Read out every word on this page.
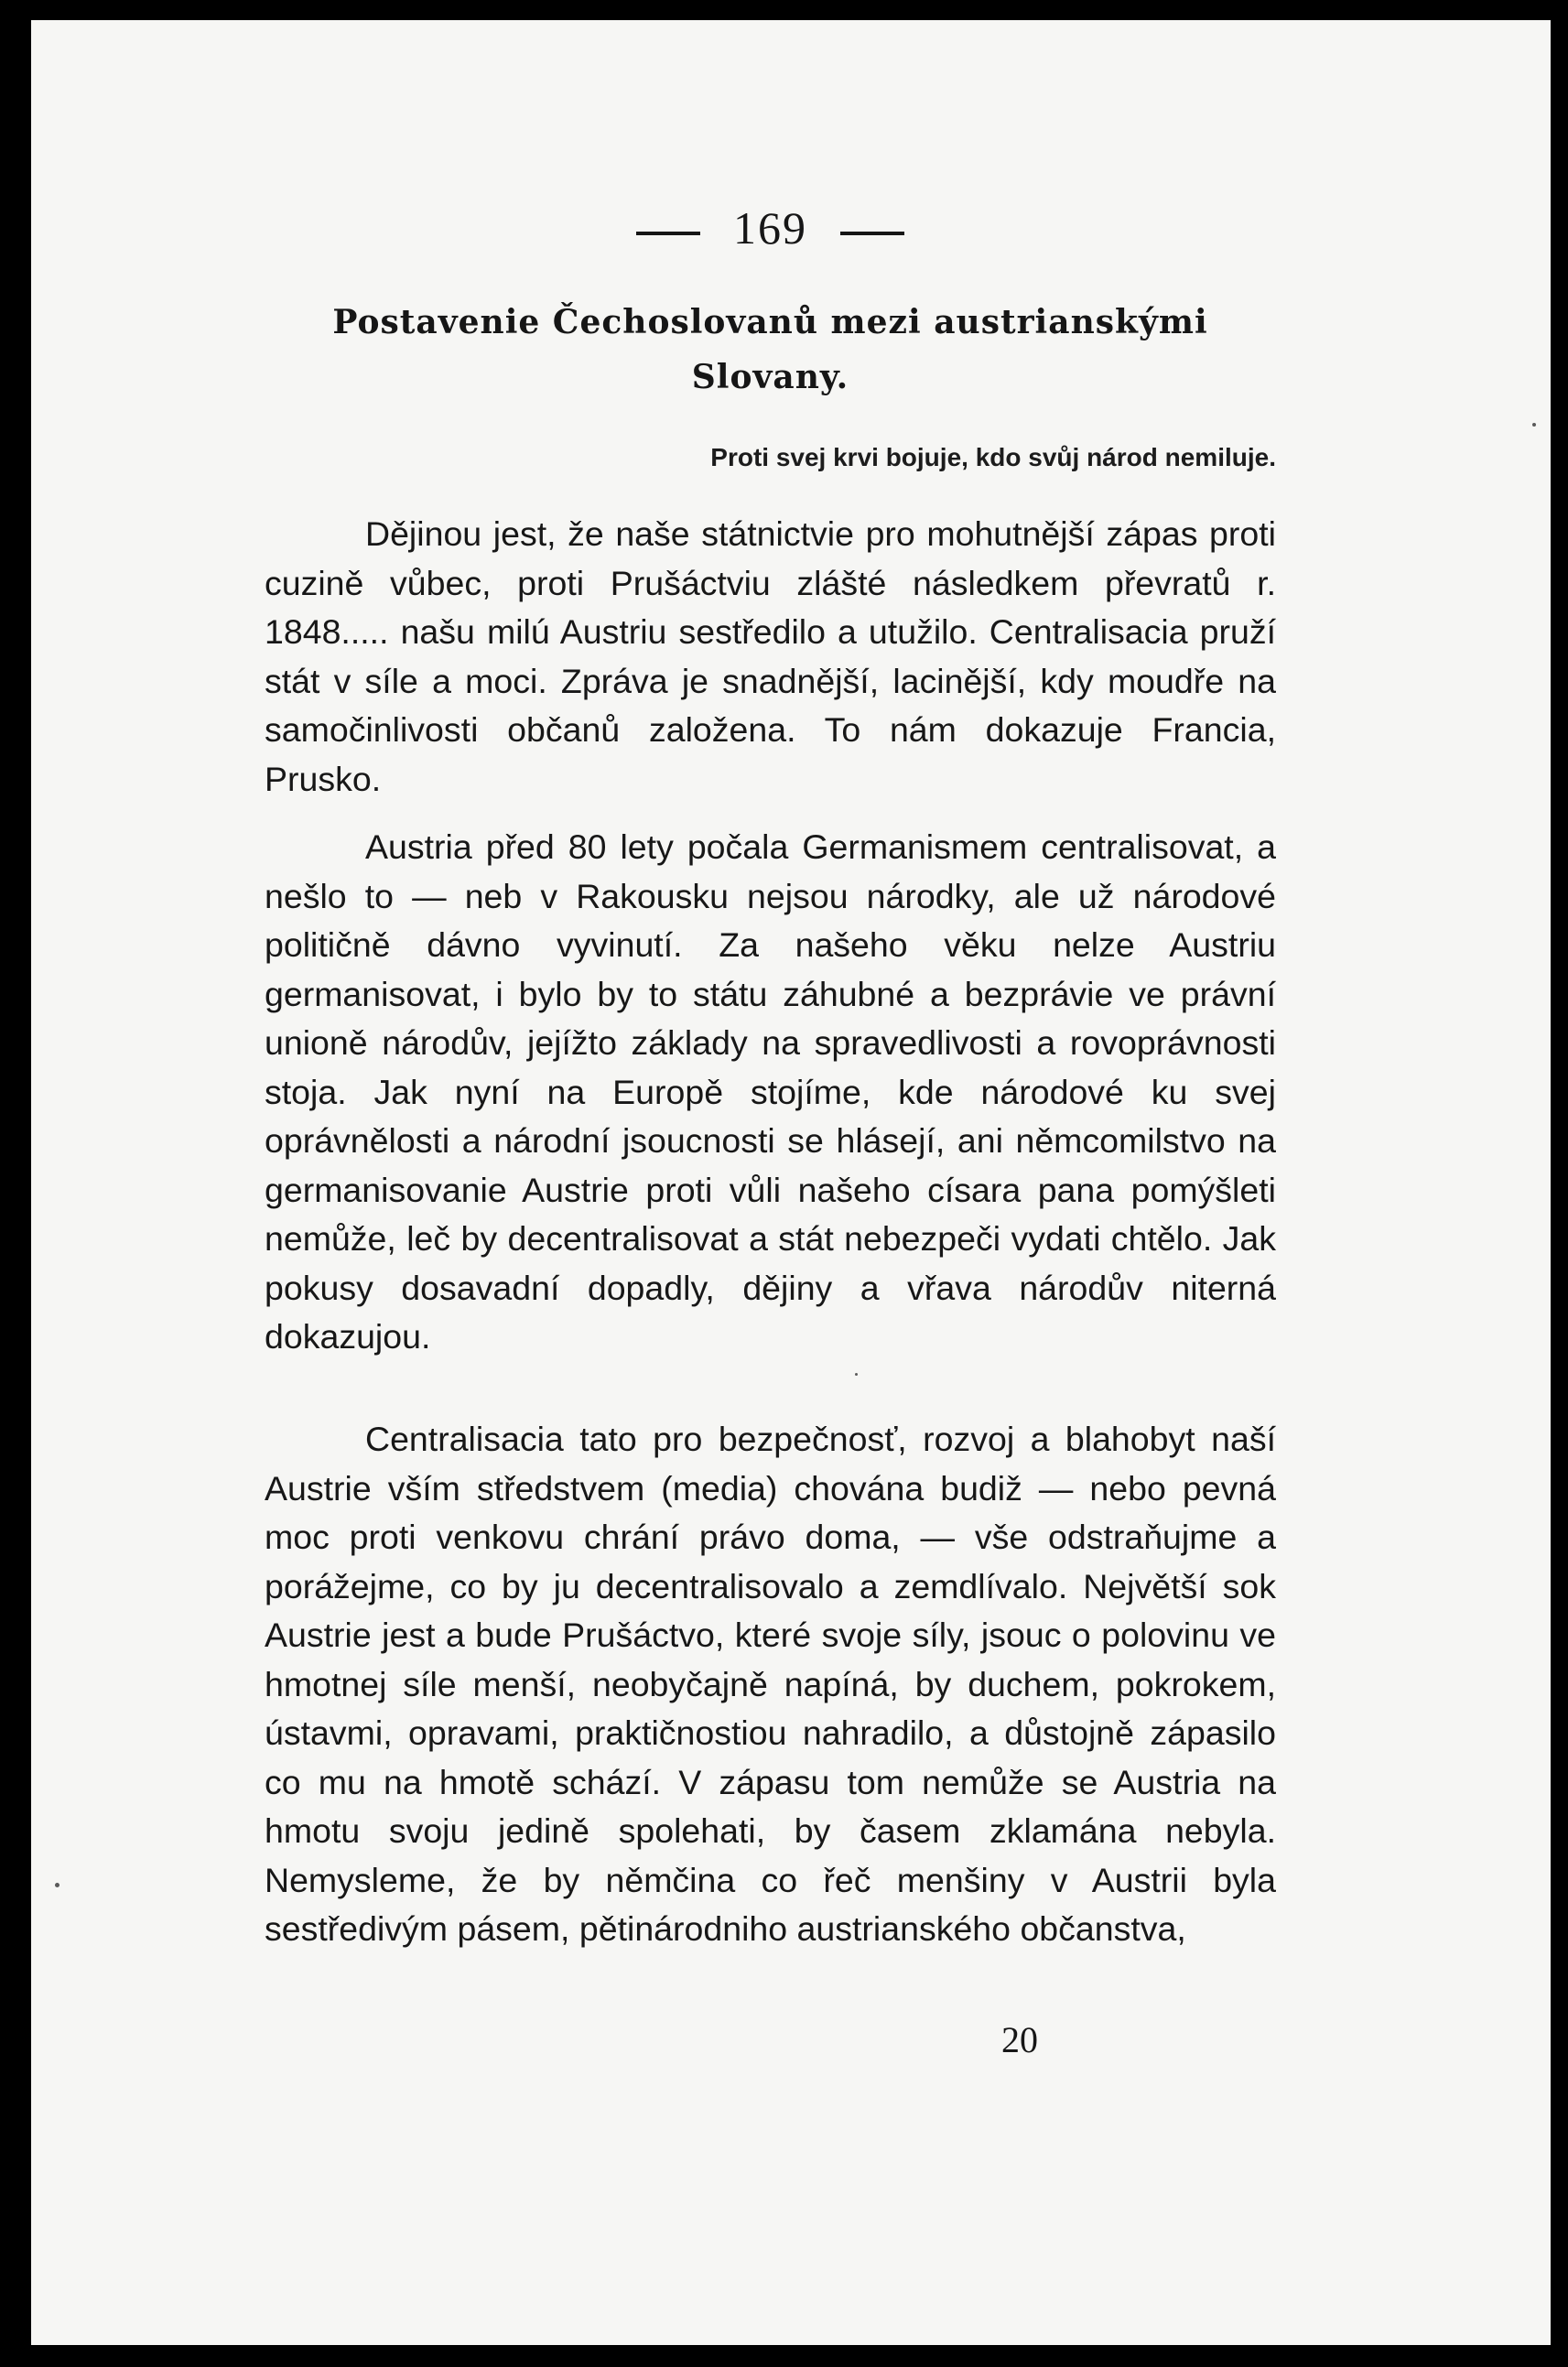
169
Postavenie Čechoslovanů mezi austrianskými
Slovany.
Proti svej krvi bojuje, kdo svůj národ nemiluje.

Dějinou jest, že naše státnictvie pro mohutnější zápas proti cuzině vůbec, proti Prušáctviu zlášté následkem převratů r. 1848..... našu milú Austriu sestředilo a utužilo. Centralisacia pruží stát v síle a moci. Zpráva je snadnější, lacinější, kdy moudře na samočinlivosti občanů založena. To nám dokazuje Francia, Prusko.

Austria před 80 lety počala Germanismem centralisovat, a nešlo to — neb v Rakousku nejsou národky, ale už národové političně dávno vyvinutí. Za našeho věku nelze Austriu germanisovat, i bylo by to státu záhubné a bezprávie ve právní unioně národův, jejížto základy na spravedlivosti a rovoprávnosti stoja. Jak nyní na Europě stojíme, kde národové ku svej oprávnělosti a národní jsoucnosti se hlásejí, ani němcomilstvo na germanisovanie Austrie proti vůli našeho císara pana pomýšleti nemůže, leč by decentralisovat a stát nebezpeči vydati chtělo. Jak pokusy dosavadní dopadly, dějiny a vřava národův niterná dokazujou.

Centralisacia tato pro bezpečnosť, rozvoj a blahobyt naší Austrie vším středstvem (media) chována budiž — nebo pevná moc proti venkovu chrání právo doma, — vše odstraňujme a porážejme, co by ju decentralisovalo a zemdlívalo. Největší sok Austrie jest a bude Prušáctvo, které svoje síly, jsouc o polovinu ve hmotnej síle menší, neobyčajně napíná, by duchem, pokrokem, ústavmi, opravami, praktičnostiou nahradilo, a důstojně zápasilo co mu na hmotě schází. V zápasu tom nemůže se Austria na hmotu svoju jedině spolehati, by časem zklamána nebyla. Nemysleme, že by němčina co řeč menšiny v Austrii byla sestředivým pásem, pětinárodniho austrianského občanstva,

20
